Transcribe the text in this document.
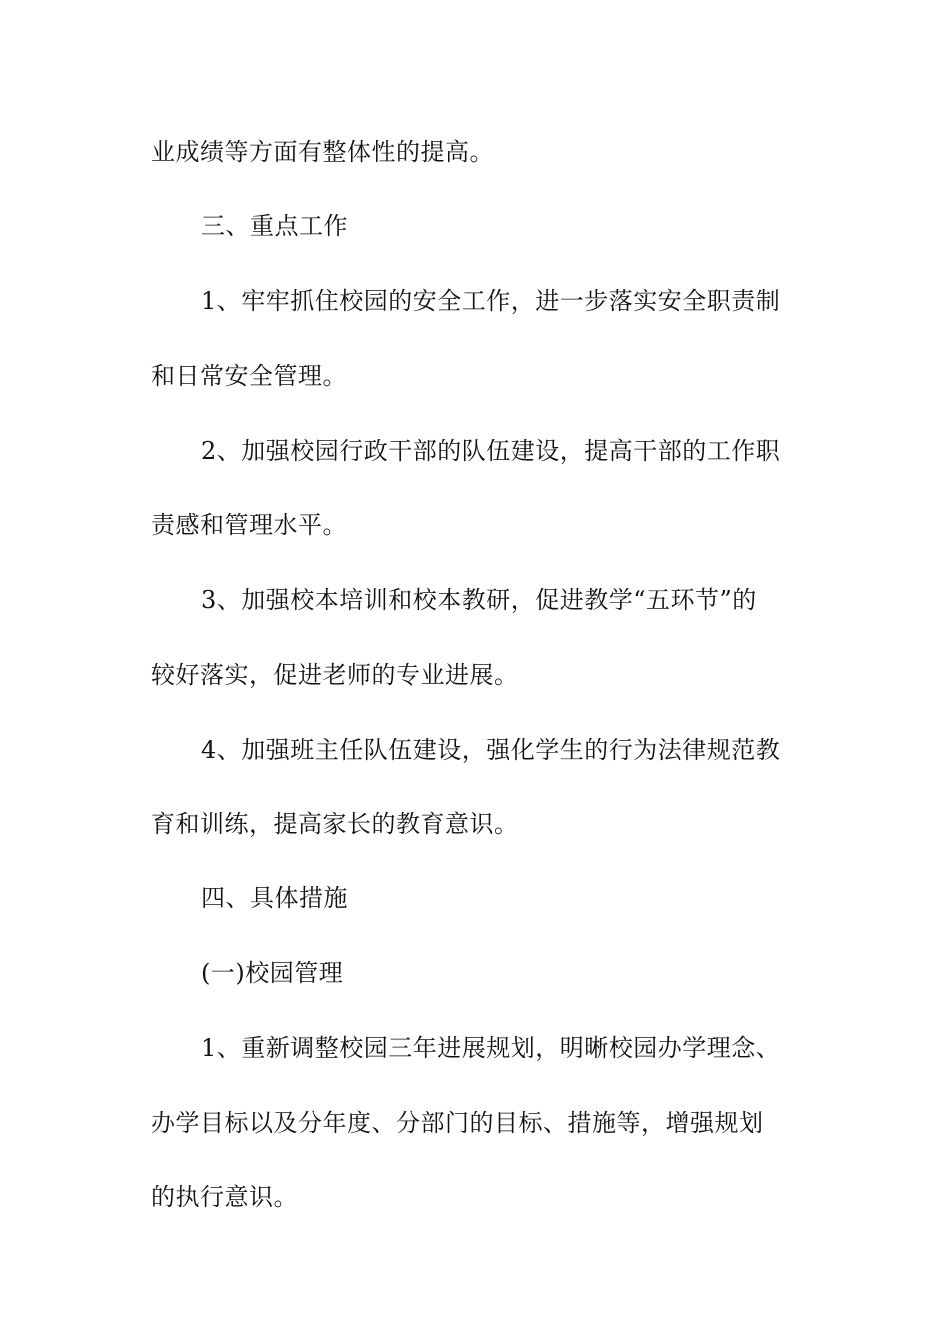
业成绩等方面有整体性的提高。
三、重点工作
1、牢牢抓住校园的安全工作，进一步落实安全职责制
和日常安全管理。
2、加强校园行政干部的队伍建设，提高干部的工作职
责感和管理水平。
3、加强校本培训和校本教研，促进教学“五环节”的
较好落实，促进老师的专业进展。
4、加强班主任队伍建设，强化学生的行为法律规范教
育和训练，提高家长的教育意识。
四、具体措施
(一)校园管理
1、重新调整校园三年进展规划，明晰校园办学理念、
办学目标以及分年度、分部门的目标、措施等，增强规划
的执行意识。
